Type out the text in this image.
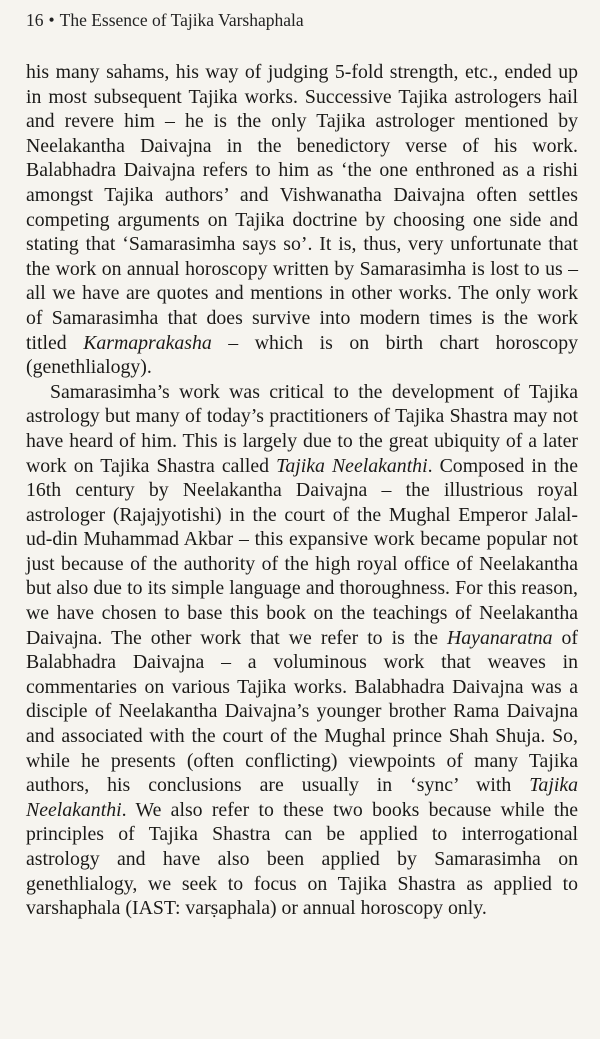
16 • The Essence of Tajika Varshaphala

his many sahams, his way of judging 5-fold strength, etc., ended up in most subsequent Tajika works. Successive Tajika astrologers hail and revere him – he is the only Tajika astrologer mentioned by Neelakantha Daivajna in the benedictory verse of his work. Balabhadra Daivajna refers to him as ‘the one enthroned as a rishi amongst Tajika authors’ and Vishwanatha Daivajna often settles competing arguments on Tajika doctrine by choosing one side and stating that ‘Samarasimha says so’. It is, thus, very unfortunate that the work on annual horoscopy written by Samarasimha is lost to us – all we have are quotes and mentions in other works. The only work of Samarasimha that does survive into modern times is the work titled Karmaprakasha – which is on birth chart horoscopy (genethlialogy).

Samarasimha’s work was critical to the development of Tajika astrology but many of today’s practitioners of Tajika Shastra may not have heard of him. This is largely due to the great ubiquity of a later work on Tajika Shastra called Tajika Neelakanthi. Composed in the 16th century by Neelakantha Daivajna – the illustrious royal astrologer (Rajajyotishi) in the court of the Mughal Emperor Jalal-ud-din Muhammad Akbar – this expansive work became popular not just because of the authority of the high royal office of Neelakantha but also due to its simple language and thoroughness. For this reason, we have chosen to base this book on the teachings of Neelakantha Daivajna. The other work that we refer to is the Hayanaratna of Balabhadra Daivajna – a voluminous work that weaves in commentaries on various Tajika works. Balabhadra Daivajna was a disciple of Neelakantha Daivajna’s younger brother Rama Daivajna and associated with the court of the Mughal prince Shah Shuja. So, while he presents (often conflicting) viewpoints of many Tajika authors, his conclusions are usually in ‘sync’ with Tajika Neelakanthi. We also refer to these two books because while the principles of Tajika Shastra can be applied to interrogational astrology and have also been applied by Samarasimha on genethlialogy, we seek to focus on Tajika Shastra as applied to varshaphala (IAST: varṣaphala) or annual horoscopy only.
